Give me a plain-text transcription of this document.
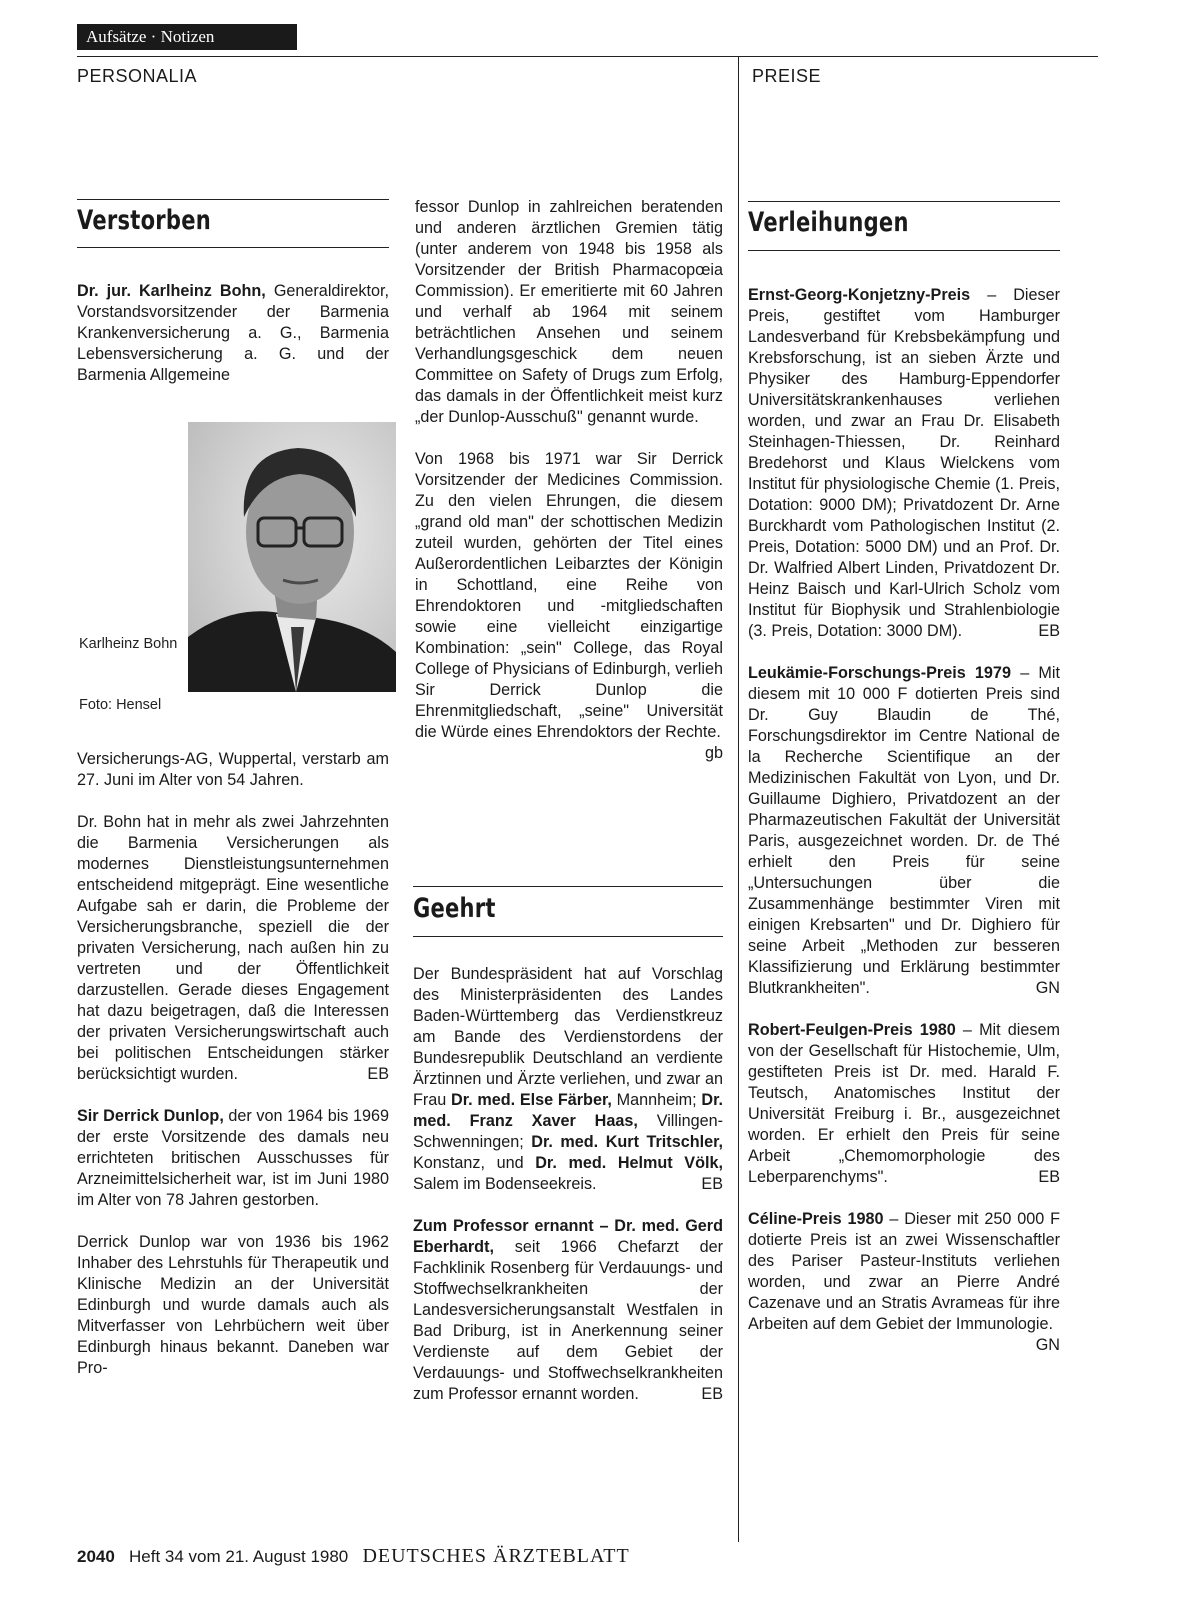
Aufsätze · Notizen
PERSONALIA	PREISE
Verstorben

Dr. jur. Karlheinz Bohn, Generaldirektor, Vorstandsvorsitzender der Barmenia Krankenversicherung a. G., Barmenia Lebensversicherung a. G. und der Barmenia Allgemeine

Karlheinz Bohn
Foto: Hensel

Versicherungs-AG, Wuppertal, verstarb am 27. Juni im Alter von 54 Jahren.

Dr. Bohn hat in mehr als zwei Jahrzehnten die Barmenia Versicherungen als modernes Dienstleistungsunternehmen entscheidend mitgeprägt. Eine wesentliche Aufgabe sah er darin, die Probleme der Versicherungsbranche, speziell die der privaten Versicherung, nach außen hin zu vertreten und der Öffentlichkeit darzustellen. Gerade dieses Engagement hat dazu beigetragen, daß die Interessen der privaten Versicherungswirtschaft auch bei politischen Entscheidungen stärker berücksichtigt wurden.	EB

Sir Derrick Dunlop, der von 1964 bis 1969 der erste Vorsitzende des damals neu errichteten britischen Ausschusses für Arzneimittelsicherheit war, ist im Juni 1980 im Alter von 78 Jahren gestorben.

Derrick Dunlop war von 1936 bis 1962 Inhaber des Lehrstuhls für Therapeutik und Klinische Medizin an der Universität Edinburgh und wurde damals auch als Mitverfasser von Lehrbüchern weit über Edinburgh hinaus bekannt. Daneben war Pro-

fessor Dunlop in zahlreichen beratenden und anderen ärztlichen Gremien tätig (unter anderem von 1948 bis 1958 als Vorsitzender der British Pharmacopœia Commission). Er emeritierte mit 60 Jahren und verhalf ab 1964 mit seinem beträchtlichen Ansehen und seinem Verhandlungsgeschick dem neuen Committee on Safety of Drugs zum Erfolg, das damals in der Öffentlichkeit meist kurz „der Dunlop-Ausschuß" genannt wurde.

Von 1968 bis 1971 war Sir Derrick Vorsitzender der Medicines Commission. Zu den vielen Ehrungen, die diesem „grand old man" der schottischen Medizin zuteil wurden, gehörten der Titel eines Außerordentlichen Leibarztes der Königin in Schottland, eine Reihe von Ehrendoktoren und -mitgliedschaften sowie eine vielleicht einzigartige Kombination: „sein" College, das Royal College of Physicians of Edinburgh, verlieh Sir Derrick Dunlop die Ehrenmitgliedschaft, „seine" Universität die Würde eines Ehrendoktors der Rechte.
gb

Geehrt

Der Bundespräsident hat auf Vorschlag des Ministerpräsidenten des Landes Baden-Württemberg das Verdienstkreuz am Bande des Verdienstordens der Bundesrepublik Deutschland an verdiente Ärztinnen und Ärzte verliehen, und zwar an Frau Dr. med. Else Färber, Mannheim; Dr. med. Franz Xaver Haas, Villingen-Schwenningen; Dr. med. Kurt Tritschler, Konstanz, und Dr. med. Helmut Völk, Salem im Bodenseekreis.	EB

Zum Professor ernannt – Dr. med. Gerd Eberhardt, seit 1966 Chefarzt der Fachklinik Rosenberg für Verdauungs- und Stoffwechselkrankheiten der Landesversicherungsanstalt Westfalen in Bad Driburg, ist in Anerkennung seiner Verdienste auf dem Gebiet der Verdauungs- und Stoffwechselkrankheiten zum Professor ernannt worden.	EB

Verleihungen

Ernst-Georg-Konjetzny-Preis – Dieser Preis, gestiftet vom Hamburger Landesverband für Krebsbekämpfung und Krebsforschung, ist an sieben Ärzte und Physiker des Hamburg-Eppendorfer Universitätskrankenhauses verliehen worden, und zwar an Frau Dr. Elisabeth Steinhagen-Thiessen, Dr. Reinhard Bredehorst und Klaus Wielckens vom Institut für physiologische Chemie (1. Preis, Dotation: 9000 DM); Privatdozent Dr. Arne Burckhardt vom Pathologischen Institut (2. Preis, Dotation: 5000 DM) und an Prof. Dr. Dr. Walfried Albert Linden, Privatdozent Dr. Heinz Baisch und Karl-Ulrich Scholz vom Institut für Biophysik und Strahlenbiologie (3. Preis, Dotation: 3000 DM).	EB

Leukämie-Forschungs-Preis 1979 – Mit diesem mit 10 000 F dotierten Preis sind Dr. Guy Blaudin de Thé, Forschungsdirektor im Centre National de la Recherche Scientifique an der Medizinischen Fakultät von Lyon, und Dr. Guillaume Dighiero, Privatdozent an der Pharmazeutischen Fakultät der Universität Paris, ausgezeichnet worden. Dr. de Thé erhielt den Preis für seine „Untersuchungen über die Zusammenhänge bestimmter Viren mit einigen Krebsarten" und Dr. Dighiero für seine Arbeit „Methoden zur besseren Klassifizierung und Erklärung bestimmter Blutkrankheiten".	GN

Robert-Feulgen-Preis 1980 – Mit diesem von der Gesellschaft für Histochemie, Ulm, gestifteten Preis ist Dr. med. Harald F. Teutsch, Anatomisches Institut der Universität Freiburg i. Br., ausgezeichnet worden. Er erhielt den Preis für seine Arbeit „Chemomorphologie des Leberparenchyms".	EB

Céline-Preis 1980 – Dieser mit 250 000 F dotierte Preis ist an zwei Wissenschaftler des Pariser Pasteur-Instituts verliehen worden, und zwar an Pierre André Cazenave und an Stratis Avrameas für ihre Arbeiten auf dem Gebiet der Immunologie.
GN

2040 Heft 34 vom 21. August 1980 DEUTSCHES ÄRZTEBLATT
